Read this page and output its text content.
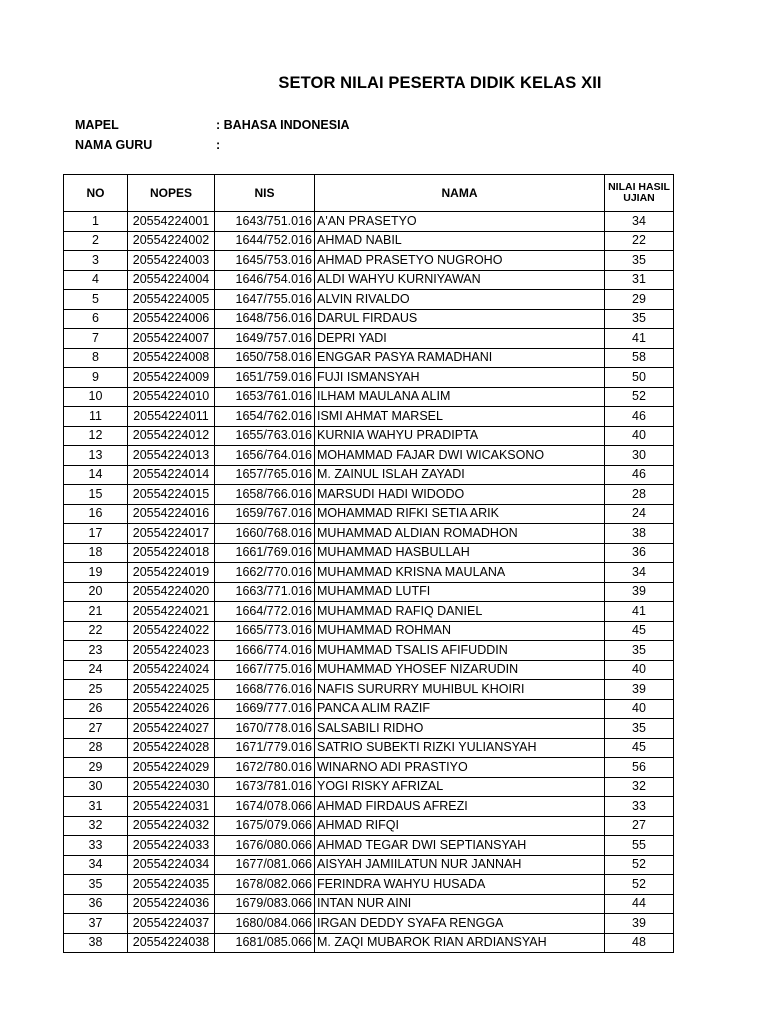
SETOR NILAI PESERTA DIDIK KELAS XII
MAPEL	: BAHASA INDONESIA
NAMA GURU	:
NO	NOPES	NIS	NAMA	NILAI HASIL
UJIAN
1	20554224001	1643/751.016	A'AN PRASETYO	34
2	20554224002	1644/752.016	AHMAD NABIL	22
3	20554224003	1645/753.016	AHMAD PRASETYO NUGROHO	35
4	20554224004	1646/754.016	ALDI WAHYU KURNIYAWAN	31
5	20554224005	1647/755.016	ALVIN RIVALDO	29
6	20554224006	1648/756.016	DARUL FIRDAUS	35
7	20554224007	1649/757.016	DEPRI YADI	41
8	20554224008	1650/758.016	ENGGAR PASYA RAMADHANI	58
9	20554224009	1651/759.016	FUJI ISMANSYAH	50
10	20554224010	1653/761.016	ILHAM MAULANA ALIM	52
11	20554224011	1654/762.016	ISMI AHMAT MARSEL	46
12	20554224012	1655/763.016	KURNIA WAHYU PRADIPTA	40
13	20554224013	1656/764.016	MOHAMMAD FAJAR DWI WICAKSONO	30
14	20554224014	1657/765.016	M. ZAINUL ISLAH ZAYADI	46
15	20554224015	1658/766.016	MARSUDI HADI WIDODO	28
16	20554224016	1659/767.016	MOHAMMAD RIFKI SETIA ARIK	24
17	20554224017	1660/768.016	MUHAMMAD ALDIAN ROMADHON	38
18	20554224018	1661/769.016	MUHAMMAD HASBULLAH	36
19	20554224019	1662/770.016	MUHAMMAD KRISNA MAULANA	34
20	20554224020	1663/771.016	MUHAMMAD LUTFI	39
21	20554224021	1664/772.016	MUHAMMAD RAFIQ DANIEL	41
22	20554224022	1665/773.016	MUHAMMAD ROHMAN	45
23	20554224023	1666/774.016	MUHAMMAD TSALIS AFIFUDDIN	35
24	20554224024	1667/775.016	MUHAMMAD YHOSEF NIZARUDIN	40
25	20554224025	1668/776.016	NAFIS SURURRY MUHIBUL KHOIRI	39
26	20554224026	1669/777.016	PANCA ALIM RAZIF	40
27	20554224027	1670/778.016	SALSABILI RIDHO	35
28	20554224028	1671/779.016	SATRIO SUBEKTI RIZKI YULIANSYAH	45
29	20554224029	1672/780.016	WINARNO ADI PRASTIYO	56
30	20554224030	1673/781.016	YOGI RISKY AFRIZAL	32
31	20554224031	1674/078.066	AHMAD FIRDAUS AFREZI	33
32	20554224032	1675/079.066	AHMAD RIFQI	27
33	20554224033	1676/080.066	AHMAD TEGAR DWI SEPTIANSYAH	55
34	20554224034	1677/081.066	AISYAH JAMIILATUN NUR JANNAH	52
35	20554224035	1678/082.066	FERINDRA WAHYU HUSADA	52
36	20554224036	1679/083.066	INTAN NUR AINI	44
37	20554224037	1680/084.066	IRGAN DEDDY SYAFA RENGGA	39
38	20554224038	1681/085.066	M. ZAQI MUBAROK RIAN ARDIANSYAH	48
